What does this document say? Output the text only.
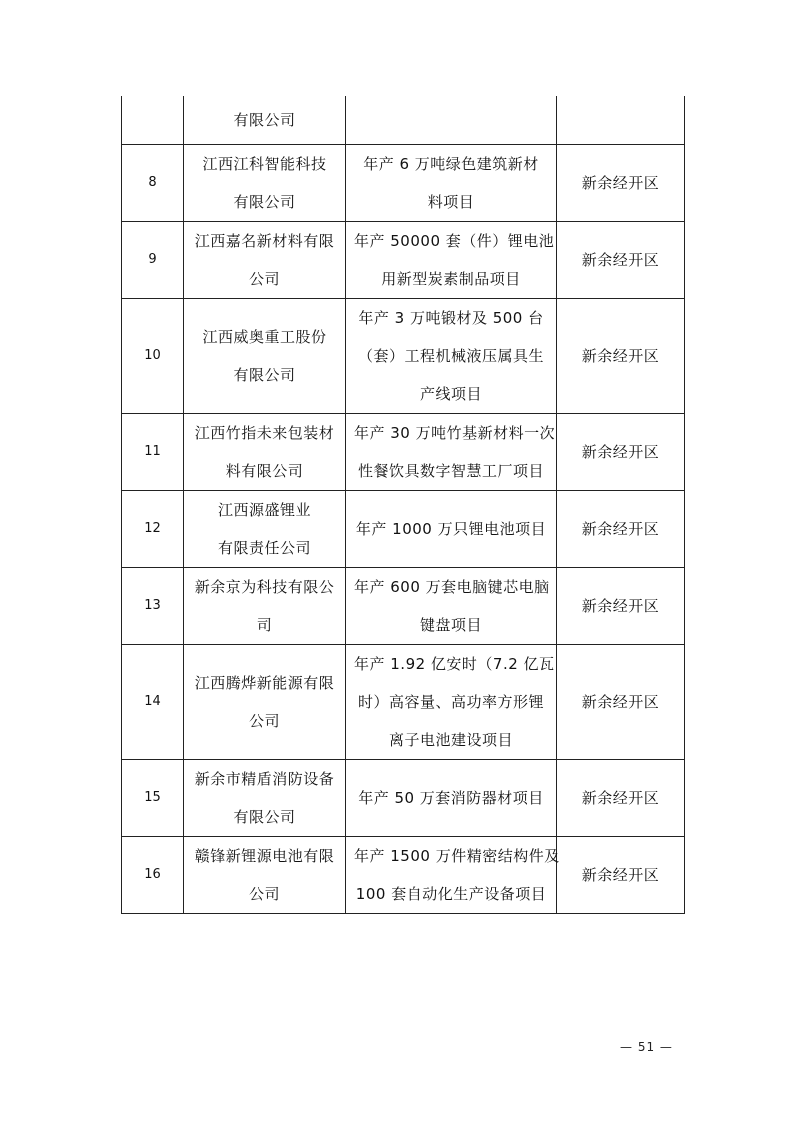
	有限公司		

8	江西江科智能科技
有限公司	年产 6 万吨绿色建筑新材
料项目	新余经开区
9	江西嘉名新材料有限
公司	年产 50000 套（件）锂电池
用新型炭素制品项目	新余经开区
10	江西威奥重工股份
有限公司	年产 3 万吨锻材及 500 台
（套）工程机械液压属具生
产线项目	新余经开区
11	江西竹指未来包装材
料有限公司	年产 30 万吨竹基新材料一次
性餐饮具数字智慧工厂项目	新余经开区
12	江西源盛锂业
有限责任公司	年产 1000 万只锂电池项目	新余经开区
13	新余京为科技有限公
司	年产 600 万套电脑键芯电脑
键盘项目	新余经开区
14	江西腾烨新能源有限
公司	年产 1.92 亿安时（7.2 亿瓦
时）高容量、高功率方形锂
离子电池建设项目	新余经开区
15	新余市精盾消防设备
有限公司	年产 50 万套消防器材项目	新余经开区
16	赣锋新锂源电池有限
公司	年产 1500 万件精密结构件及
100 套自动化生产设备项目	新余经开区
— 51 —
